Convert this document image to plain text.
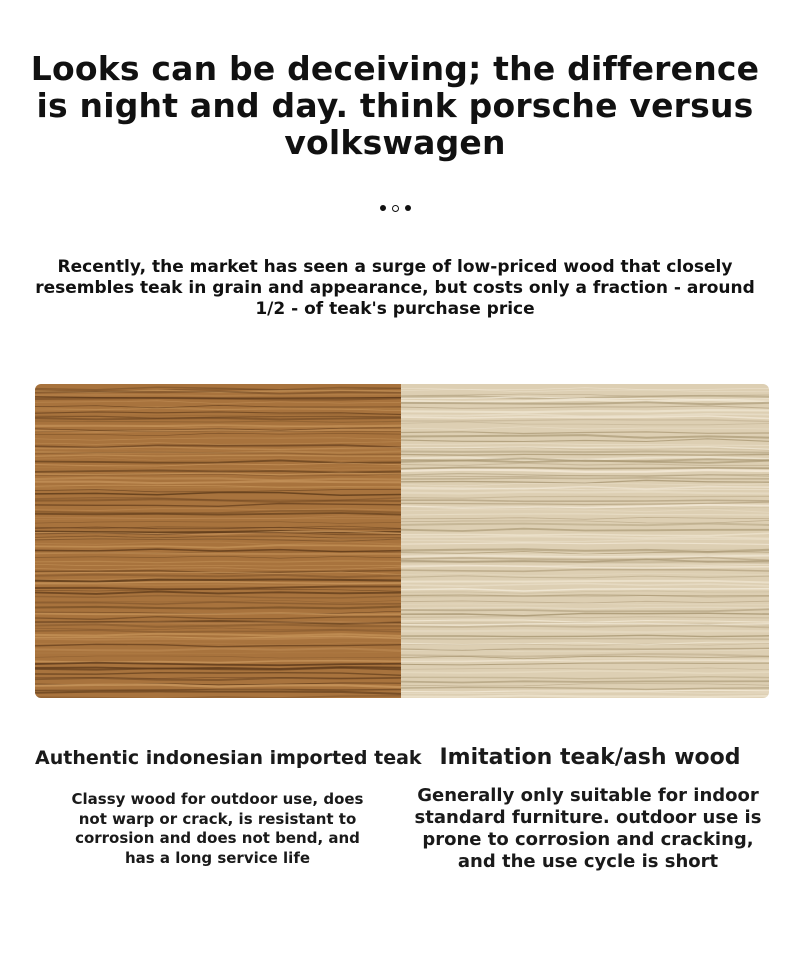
Looks can be deceiving; the difference is night and day. think porsche versus volkswagen
Recently, the market has seen a surge of low-priced wood that closely resembles teak in grain and appearance, but costs only a fraction - around 1/2 - of teak's purchase price
Authentic indonesian imported teak Imitation teak/ash wood
Classy wood for outdoor use, does not warp or crack, is resistant to corrosion and does not bend, and has a long service life
Generally only suitable for indoor standard furniture. outdoor use is prone to corrosion and cracking, and the use cycle is short
